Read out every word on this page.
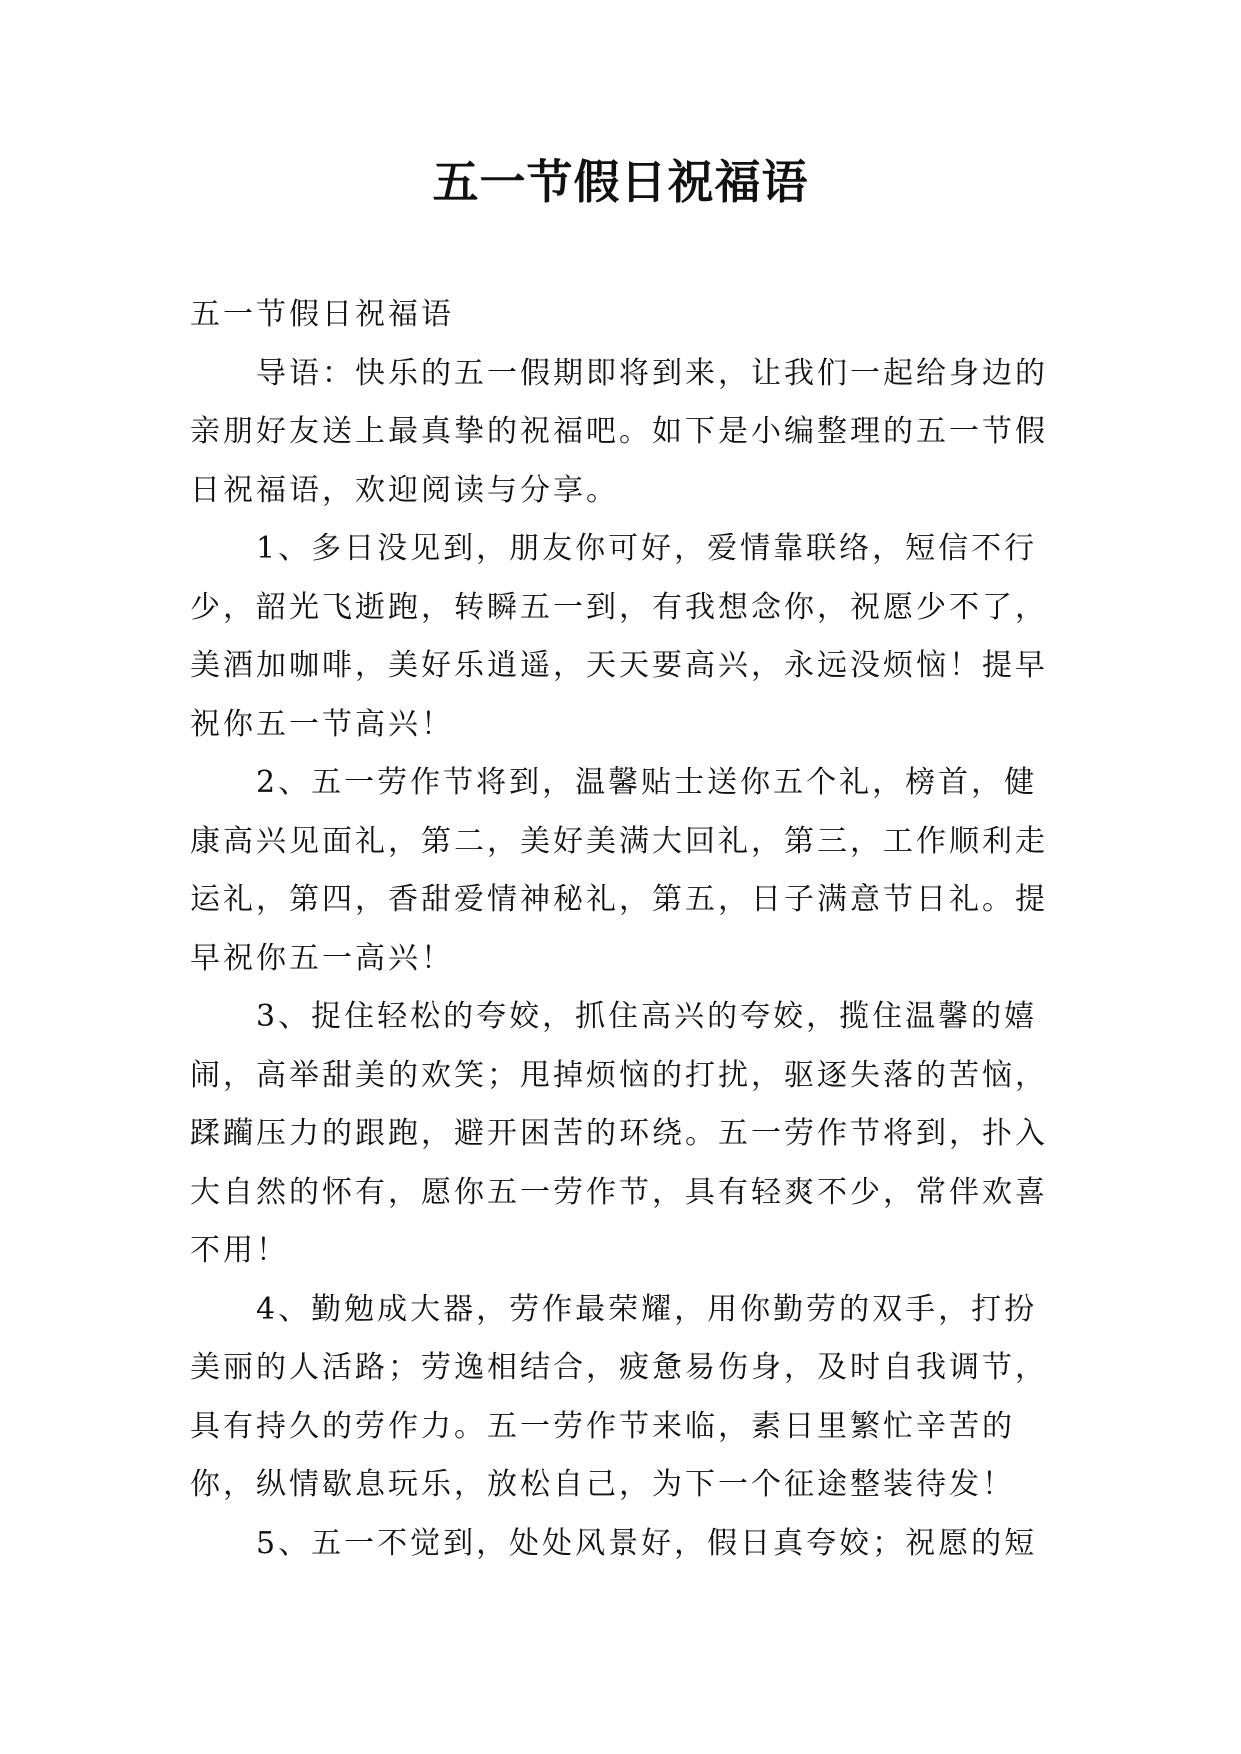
五一节假日祝福语

五一节假日祝福语

导语：快乐的五一假期即将到来，让我们一起给身边的亲朋好友送上最真挚的祝福吧。如下是小编整理的五一节假日祝福语，欢迎阅读与分享。

1、多日没见到，朋友你可好，爱情靠联络，短信不行少，韶光飞逝跑，转瞬五一到，有我想念你，祝愿少不了，美酒加咖啡，美好乐逍遥，天天要高兴，永远没烦恼！提早祝你五一节高兴！

2、五一劳作节将到，温馨贴士送你五个礼，榜首，健康高兴见面礼，第二，美好美满大回礼，第三，工作顺利走运礼，第四，香甜爱情神秘礼，第五，日子满意节日礼。提早祝你五一高兴！

3、捉住轻松的夸姣，抓住高兴的夸姣，揽住温馨的嬉闹，高举甜美的欢笑；甩掉烦恼的打扰，驱逐失落的苦恼，蹂躏压力的跟跑，避开困苦的环绕。五一劳作节将到，扑入大自然的怀有，愿你五一劳作节，具有轻爽不少，常伴欢喜不用！

4、勤勉成大器，劳作最荣耀，用你勤劳的双手，打扮美丽的人活路；劳逸相结合，疲惫易伤身，及时自我调节，具有持久的劳作力。五一劳作节来临，素日里繁忙辛苦的你，纵情歇息玩乐，放松自己，为下一个征途整装待发！

5、五一不觉到，处处风景好，假日真夸姣；祝愿的短
